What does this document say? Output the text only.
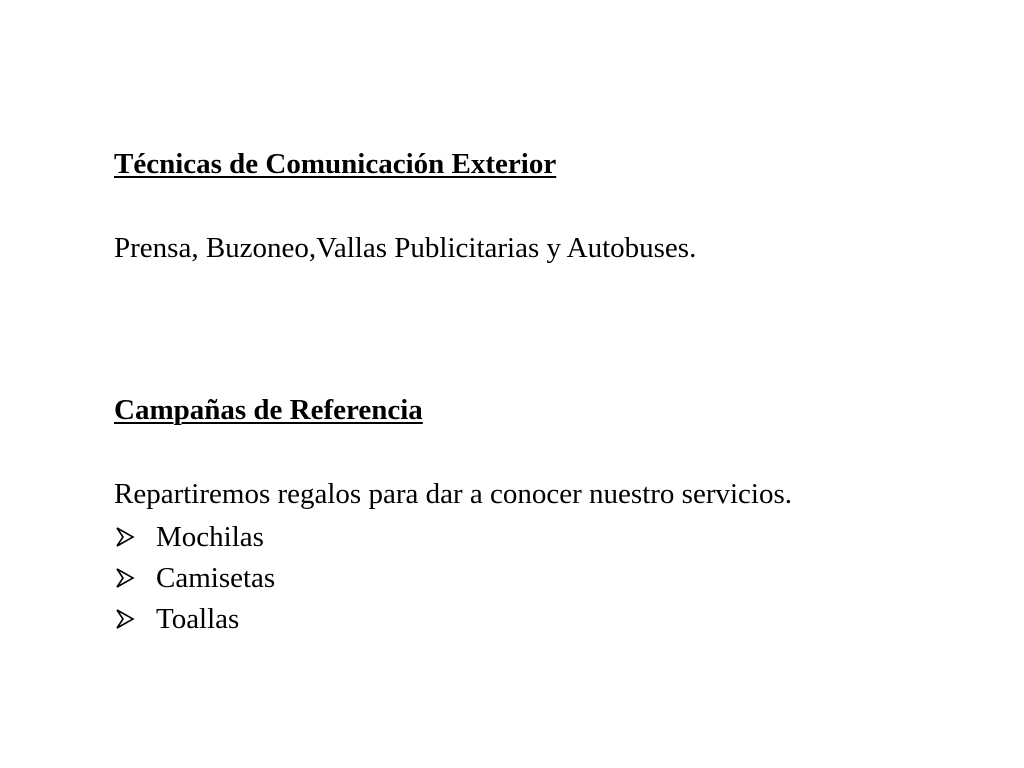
Técnicas de Comunicación Exterior

Prensa, Buzoneo,Vallas Publicitarias y Autobuses.

Campañas de Referencia

Repartiremos regalos para dar a conocer nuestro servicios.

Mochilas
Camisetas
Toallas
